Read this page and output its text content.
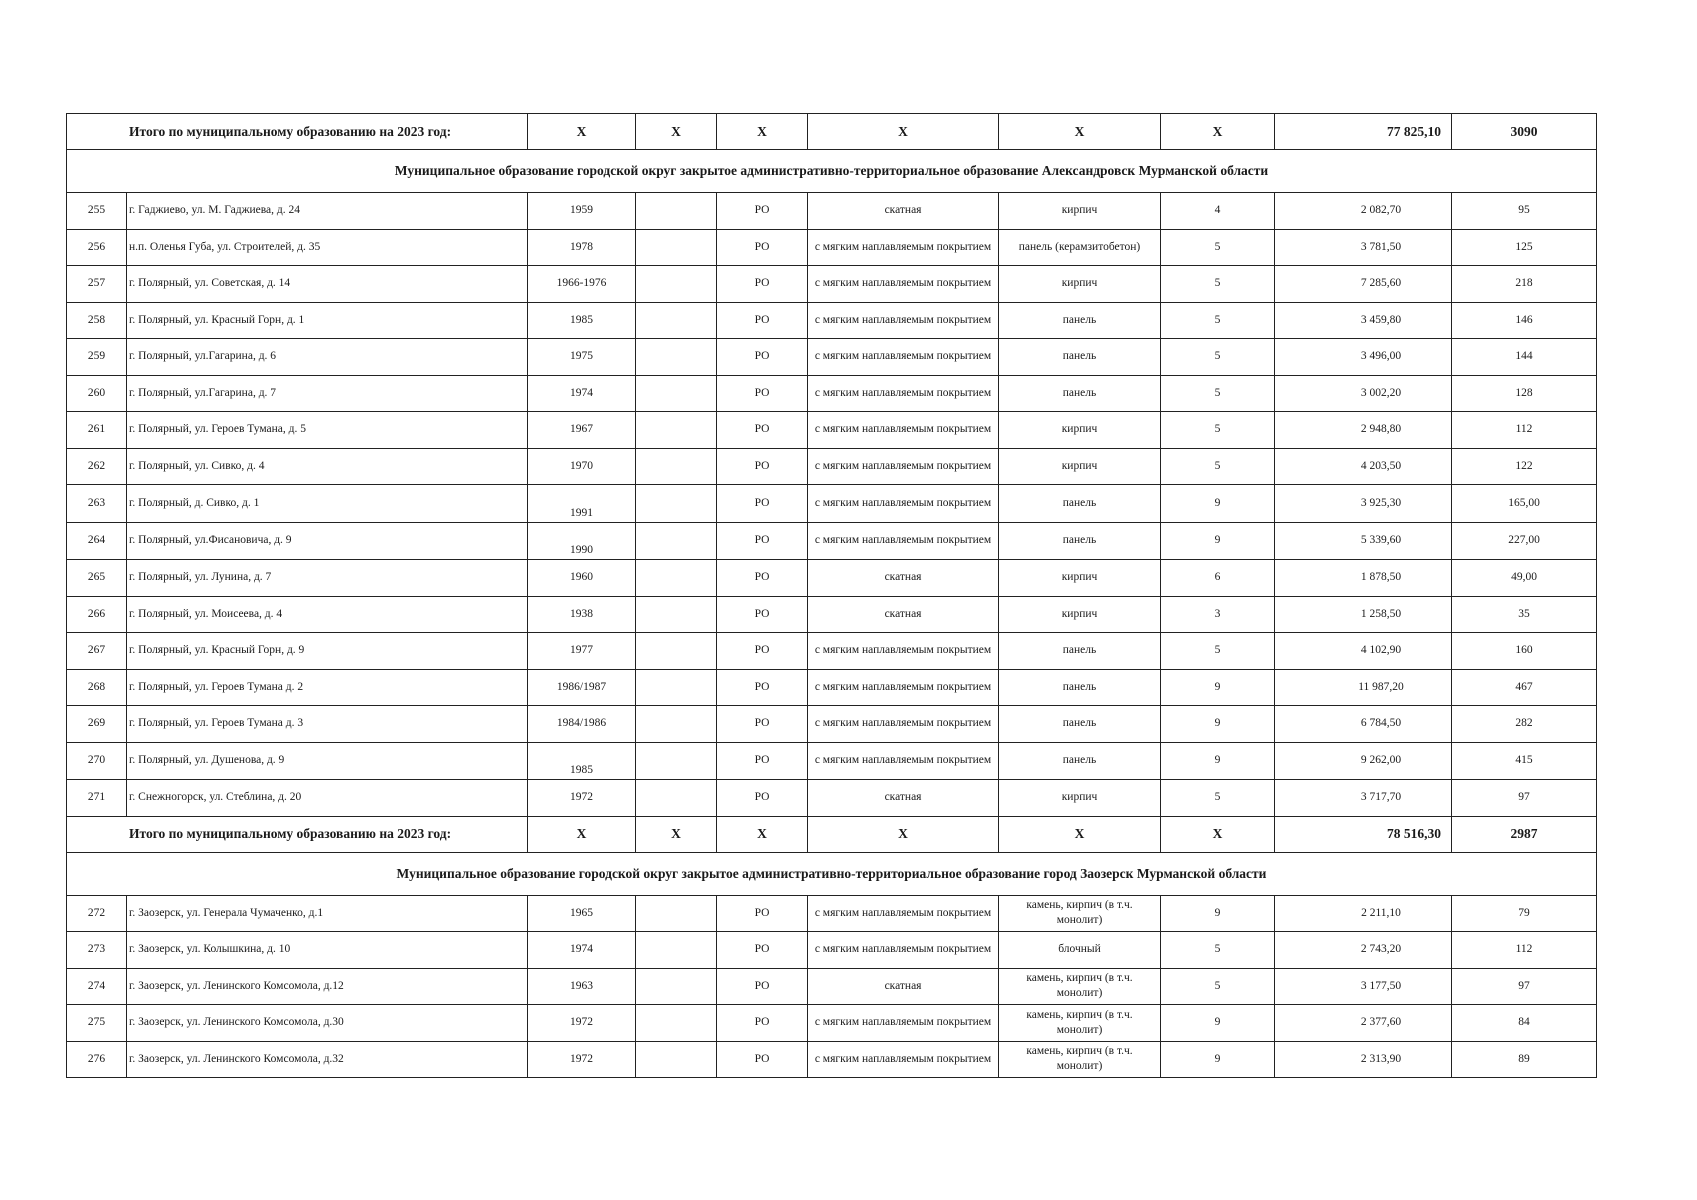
Итого по муниципальному образованию на 2023 год:		X	X	X	X	X	X	77 825,10	3090
Муниципальное образование городской округ закрытое административно-территориальное образование Александровск Мурманской области									
255	г. Гаджиево, ул. М. Гаджиева, д. 24	1959		РО	скатная	кирпич	4	2 082,70	95
256	н.п. Оленья Губа, ул. Строителей, д. 35	1978		РО	с мягким наплавляемым покрытием	панель (керамзитобетон)	5	3 781,50	125
257	г. Полярный, ул. Советская, д. 14	1966-1976		РО	с мягким наплавляемым покрытием	кирпич	5	7 285,60	218
258	г. Полярный, ул. Красный Горн, д. 1	1985		РО	с мягким наплавляемым покрытием	панель	5	3 459,80	146
259	г. Полярный, ул.Гагарина, д. 6	1975		РО	с мягким наплавляемым покрытием	панель	5	3 496,00	144
260	г. Полярный, ул.Гагарина, д. 7	1974		РО	с мягким наплавляемым покрытием	панель	5	3 002,20	128
261	г. Полярный, ул. Героев Тумана, д. 5	1967		РО	с мягким наплавляемым покрытием	кирпич	5	2 948,80	112
262	г. Полярный, ул. Сивко, д. 4	1970		РО	с мягким наплавляемым покрытием	кирпич	5	4 203,50	122
263	г. Полярный, д. Сивко, д. 1	1991		РО	с мягким наплавляемым покрытием	панель	9	3 925,30	165,00
264	г. Полярный, ул.Фисановича, д. 9	1990		РО	с мягким наплавляемым покрытием	панель	9	5 339,60	227,00
265	г. Полярный, ул. Лунина, д. 7	1960		РО	скатная	кирпич	6	1 878,50	49,00
266	г. Полярный, ул. Моисеева, д. 4	1938		РО	скатная	кирпич	3	1 258,50	35
267	г. Полярный, ул. Красный Горн, д. 9	1977		РО	с мягким наплавляемым покрытием	панель	5	4 102,90	160
268	г. Полярный, ул. Героев Тумана д. 2	1986/1987		РО	с мягким наплавляемым покрытием	панель	9	11 987,20	467
269	г. Полярный, ул. Героев Тумана д. 3	1984/1986		РО	с мягким наплавляемым покрытием	панель	9	6 784,50	282
270	г. Полярный, ул. Душенова, д. 9	1985		РО	с мягким наплавляемым покрытием	панель	9	9 262,00	415
271	г. Снежногорск, ул. Стеблина, д. 20	1972		РО	скатная	кирпич	5	3 717,70	97
Итого по муниципальному образованию на 2023 год:		X	X	X	X	X	X	78 516,30	2987
Муниципальное образование городской округ закрытое административно-территориальное образование город Заозерск Мурманской области									
272	г. Заозерск, ул. Генерала Чумаченко, д.1	1965		РО	с мягким наплавляемым покрытием	камень, кирпич (в т.ч. монолит)	9	2 211,10	79
273	г. Заозерск, ул. Колышкина, д. 10	1974		РО	с мягким наплавляемым покрытием	блочный	5	2 743,20	112
274	г. Заозерск, ул. Ленинского Комсомола, д.12	1963		РО	скатная	камень, кирпич (в т.ч. монолит)	5	3 177,50	97
275	г. Заозерск, ул. Ленинского Комсомола, д.30	1972		РО	с мягким наплавляемым покрытием	камень, кирпич (в т.ч. монолит)	9	2 377,60	84
276	г. Заозерск, ул. Ленинского Комсомола, д.32	1972		РО	с мягким наплавляемым покрытием	камень, кирпич (в т.ч. монолит)	9	2 313,90	89
